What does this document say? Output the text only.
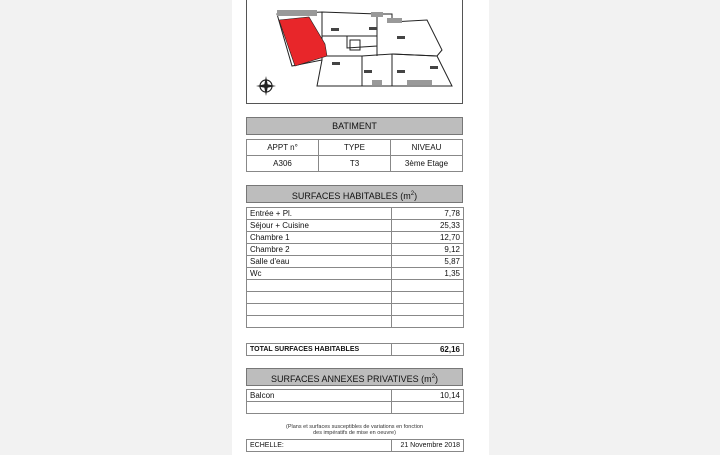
BATIMENT
APPT n°	TYPE	NIVEAU
A306	T3	3ème Etage
SURFACES HABITABLES $(m^2)$
Entrée + Pl.	7,78
Séjour + Cuisine	25,33
Chambre 1	12,70
Chambre 2	9,12
Salle d'eau	5,87
Wc	1,35

TOTAL SURFACES HABITABLES	62,16
SURFACES ANNEXES PRIVATIVES $(m^2)$
Balcon	10,14

(Plans et surfaces susceptibles de variations en fonction
des impératifs de mise en oeuvre)
ECHELLE:	21 Novembre 2018
